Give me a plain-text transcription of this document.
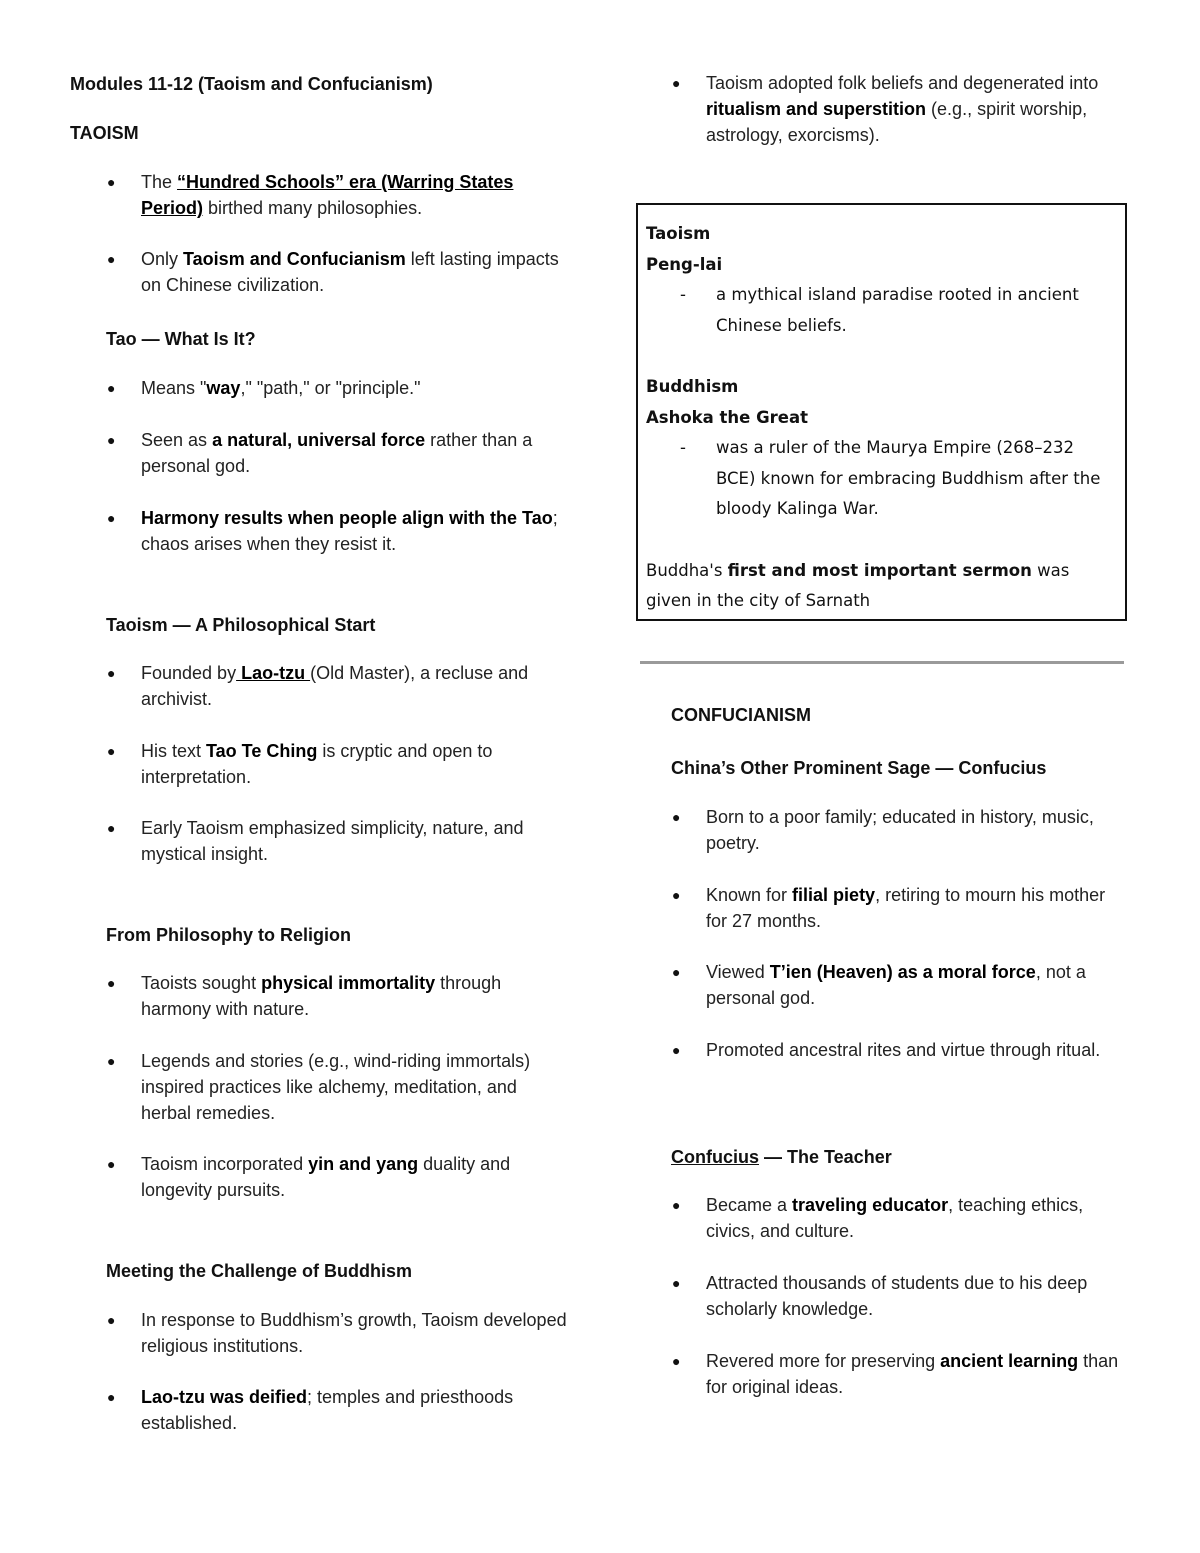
Modules 11-12 (Taoism and Confucianism)
TAOISM
● The “Hundred Schools” era (Warring States Period) birthed many philosophies.
● Only Taoism and Confucianism left lasting impacts on Chinese civilization.
Tao — What Is It?
● Means "way," "path," or "principle."
● Seen as a natural, universal force rather than a personal god.
● Harmony results when people align with the Tao; chaos arises when they resist it.
Taoism — A Philosophical Start
● Founded by Lao-tzu (Old Master), a recluse and archivist.
● His text Tao Te Ching is cryptic and open to interpretation.
● Early Taoism emphasized simplicity, nature, and mystical insight.
From Philosophy to Religion
● Taoists sought physical immortality through harmony with nature.
● Legends and stories (e.g., wind-riding immortals) inspired practices like alchemy, meditation, and herbal remedies.
● Taoism incorporated yin and yang duality and longevity pursuits.
Meeting the Challenge of Buddhism
● In response to Buddhism’s growth, Taoism developed religious institutions.
● Lao-tzu was deified; temples and priesthoods established.
● Taoism adopted folk beliefs and degenerated into ritualism and superstition (e.g., spirit worship, astrology, exorcisms).
Taoism
Peng-lai
- a mythical island paradise rooted in ancient Chinese beliefs.
Buddhism
Ashoka the Great
- was a ruler of the Maurya Empire (268–232 BCE) known for embracing Buddhism after the bloody Kalinga War.
Buddha's first and most important sermon was given in the city of Sarnath
CONFUCIANISM
China’s Other Prominent Sage — Confucius
● Born to a poor family; educated in history, music, poetry.
● Known for filial piety, retiring to mourn his mother for 27 months.
● Viewed T’ien (Heaven) as a moral force, not a personal god.
● Promoted ancestral rites and virtue through ritual.
Confucius — The Teacher
● Became a traveling educator, teaching ethics, civics, and culture.
● Attracted thousands of students due to his deep scholarly knowledge.
● Revered more for preserving ancient learning than for original ideas.
